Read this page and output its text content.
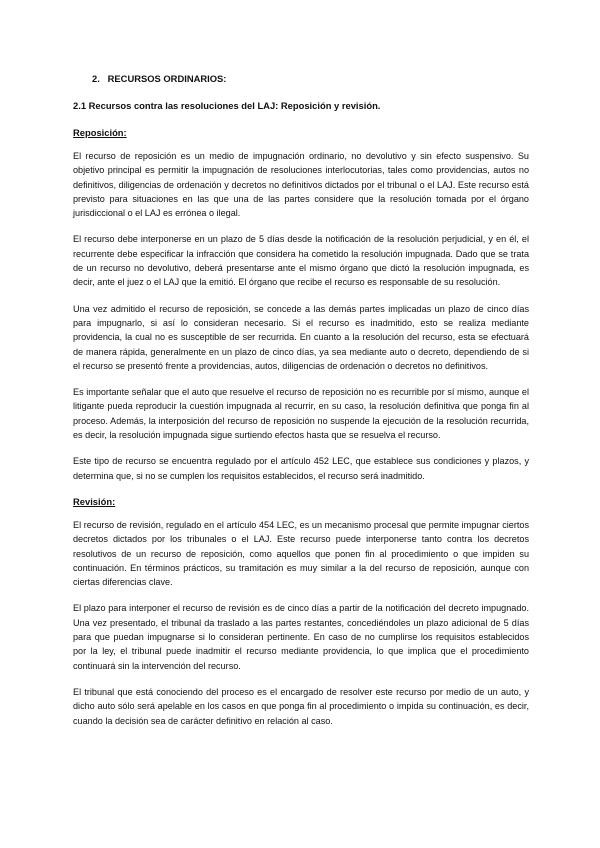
2. RECURSOS ORDINARIOS:
2.1 Recursos contra las resoluciones del LAJ: Reposición y revisión.
Reposición:

El recurso de reposición es un medio de impugnación ordinario, no devolutivo y sin efecto suspensivo. Su objetivo principal es permitir la impugnación de resoluciones interlocutorias, tales como providencias, autos no definitivos, diligencias de ordenación y decretos no definitivos dictados por el tribunal o el LAJ. Este recurso está previsto para situaciones en las que una de las partes considere que la resolución tomada por el órgano jurisdiccional o el LAJ es errónea o ilegal.

El recurso debe interponerse en un plazo de 5 días desde la notificación de la resolución perjudicial, y en él, el recurrente debe especificar la infracción que considera ha cometido la resolución impugnada. Dado que se trata de un recurso no devolutivo, deberá presentarse ante el mismo órgano que dictó la resolución impugnada, es decir, ante el juez o el LAJ que la emitió. El órgano que recibe el recurso es responsable de su resolución.

Una vez admitido el recurso de reposición, se concede a las demás partes implicadas un plazo de cinco días para impugnarlo, si así lo consideran necesario. Si el recurso es inadmitido, esto se realiza mediante providencia, la cual no es susceptible de ser recurrida. En cuanto a la resolución del recurso, esta se efectuará de manera rápida, generalmente en un plazo de cinco días, ya sea mediante auto o decreto, dependiendo de si el recurso se presentó frente a providencias, autos, diligencias de ordenación o decretos no definitivos.

Es importante señalar que el auto que resuelve el recurso de reposición no es recurrible por sí mismo, aunque el litigante pueda reproducir la cuestión impugnada al recurrir, en su caso, la resolución definitiva que ponga fin al proceso. Además, la interposición del recurso de reposición no suspende la ejecución de la resolución recurrida, es decir, la resolución impugnada sigue surtiendo efectos hasta que se resuelva el recurso.

Este tipo de recurso se encuentra regulado por el artículo 452 LEC, que establece sus condiciones y plazos, y determina que, si no se cumplen los requisitos establecidos, el recurso será inadmitido.

Revisión:

El recurso de revisión, regulado en el artículo 454 LEC, es un mecanismo procesal que permite impugnar ciertos decretos dictados por los tribunales o el LAJ. Este recurso puede interponerse tanto contra los decretos resolutivos de un recurso de reposición, como aquellos que ponen fin al procedimiento o que impiden su continuación. En términos prácticos, su tramitación es muy similar a la del recurso de reposición, aunque con ciertas diferencias clave.

El plazo para interponer el recurso de revisión es de cinco días a partir de la notificación del decreto impugnado. Una vez presentado, el tribunal da traslado a las partes restantes, concediéndoles un plazo adicional de 5 días para que puedan impugnarse si lo consideran pertinente. En caso de no cumplirse los requisitos establecidos por la ley, el tribunal puede inadmitir el recurso mediante providencia, lo que implica que el procedimiento continuará sin la intervención del recurso.

El tribunal que está conociendo del proceso es el encargado de resolver este recurso por medio de un auto, y dicho auto sólo será apelable en los casos en que ponga fin al procedimiento o impida su continuación, es decir, cuando la decisión sea de carácter definitivo en relación al caso.
